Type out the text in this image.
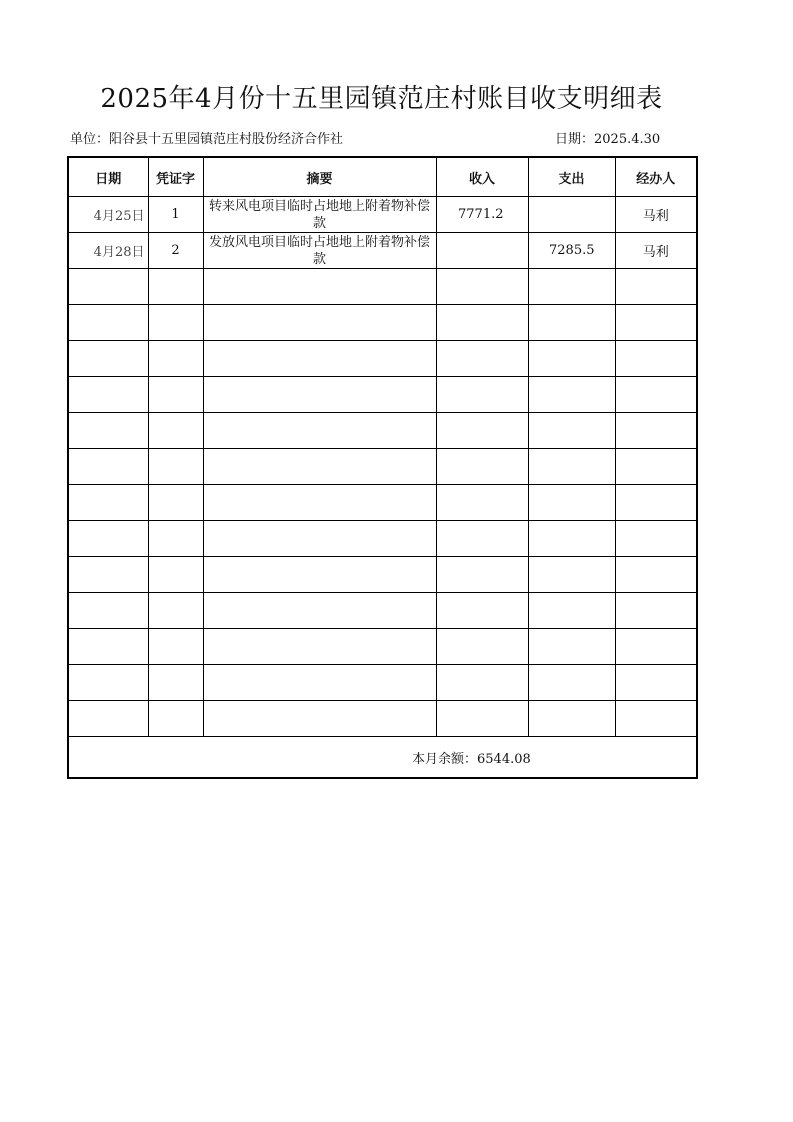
2025年4月份十五里园镇范庄村账目收支明细表
单位：阳谷县十五里园镇范庄村股份经济合作社	日期：2025.4.30
日期	凭证字	摘要	收入	支出	经办人
4月25日	1	转来风电项目临时占地地上附着物补偿款	7771.2		马利
4月28日	2	发放风电项目临时占地地上附着物补偿款		7285.5	马利

本月余额：6544.08					
